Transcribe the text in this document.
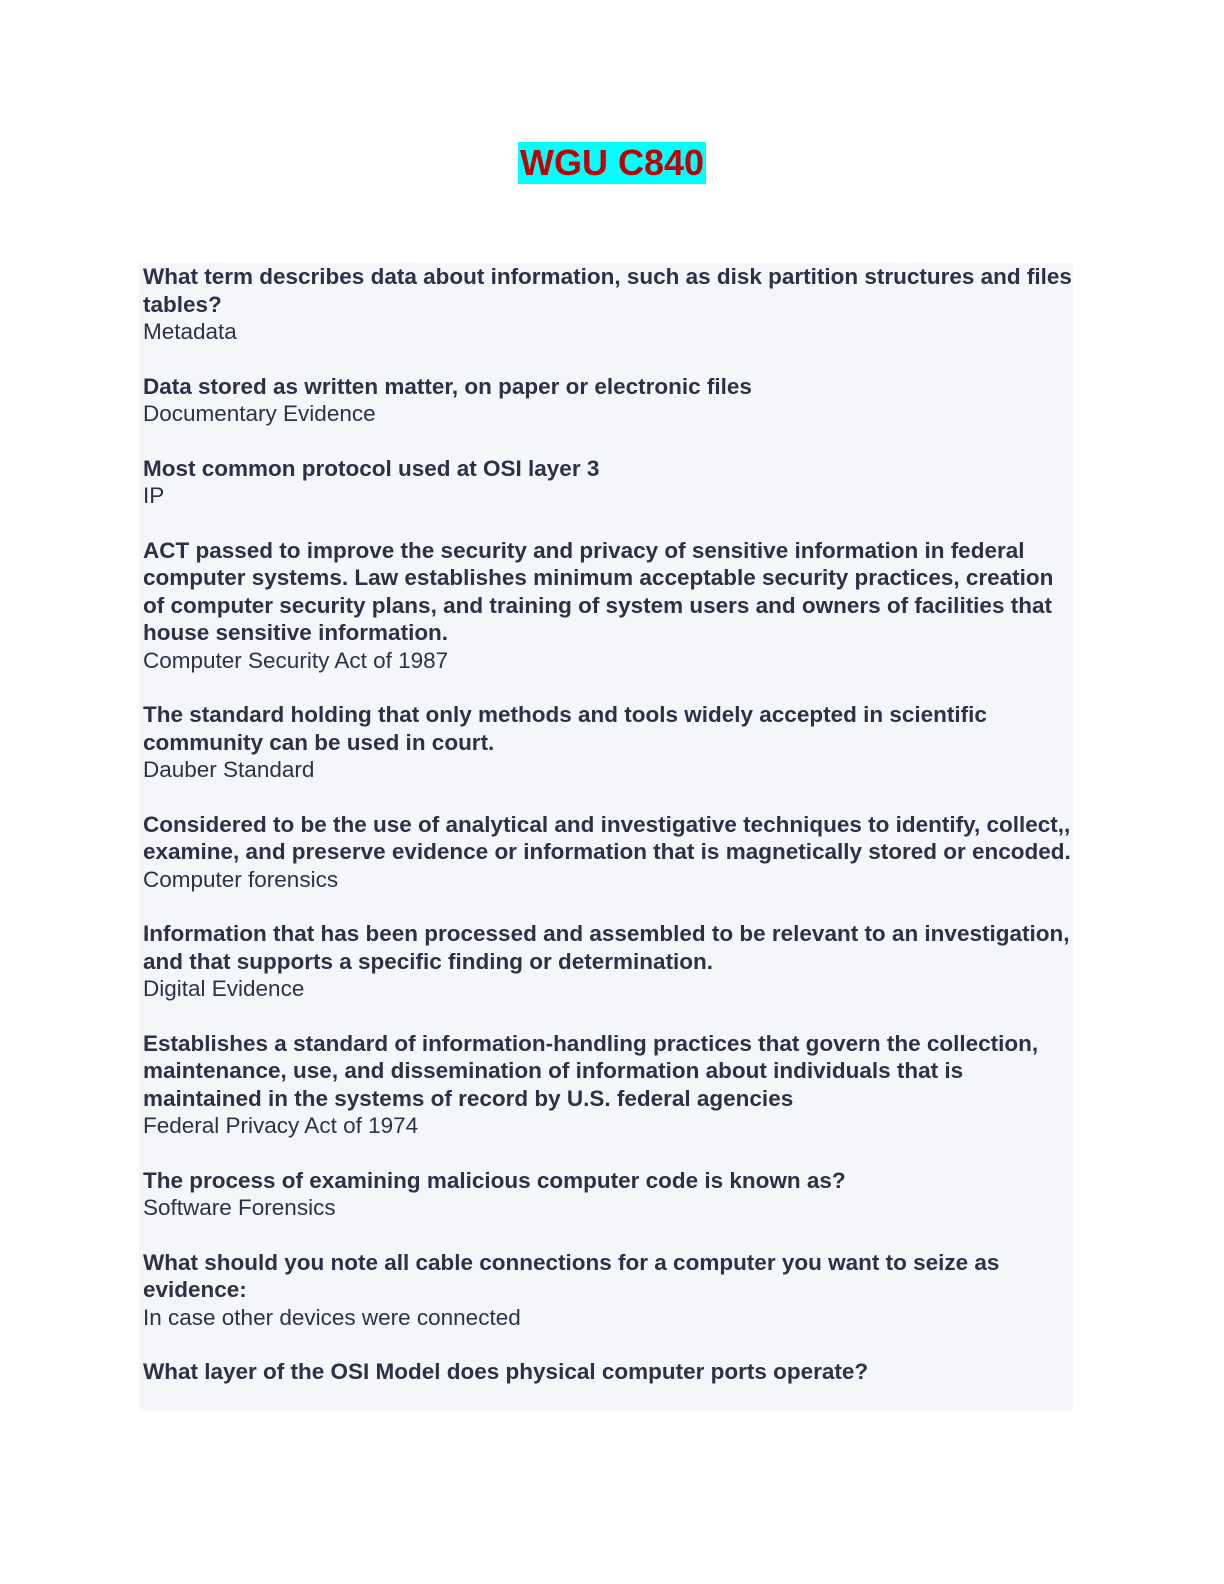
WGU C840

What term describes data about information, such as disk partition structures and files tables?

Metadata

Data stored as written matter, on paper or electronic files

Documentary Evidence

Most common protocol used at OSI layer 3

IP

ACT passed to improve the security and privacy of sensitive information in federal computer systems. Law establishes minimum acceptable security practices, creation of computer security plans, and training of system users and owners of facilities that house sensitive information.

Computer Security Act of 1987

The standard holding that only methods and tools widely accepted in scientific community can be used in court.

Dauber Standard

Considered to be the use of analytical and investigative techniques to identify, collect,, examine, and preserve evidence or information that is magnetically stored or encoded.

Computer forensics

Information that has been processed and assembled to be relevant to an investigation, and that supports a specific finding or determination.

Digital Evidence

Establishes a standard of information-handling practices that govern the collection, maintenance, use, and dissemination of information about individuals that is maintained in the systems of record by U.S. federal agencies

Federal Privacy Act of 1974

The process of examining malicious computer code is known as?

Software Forensics

What should you note all cable connections for a computer you want to seize as evidence:

In case other devices were connected

What layer of the OSI Model does physical computer ports operate?
